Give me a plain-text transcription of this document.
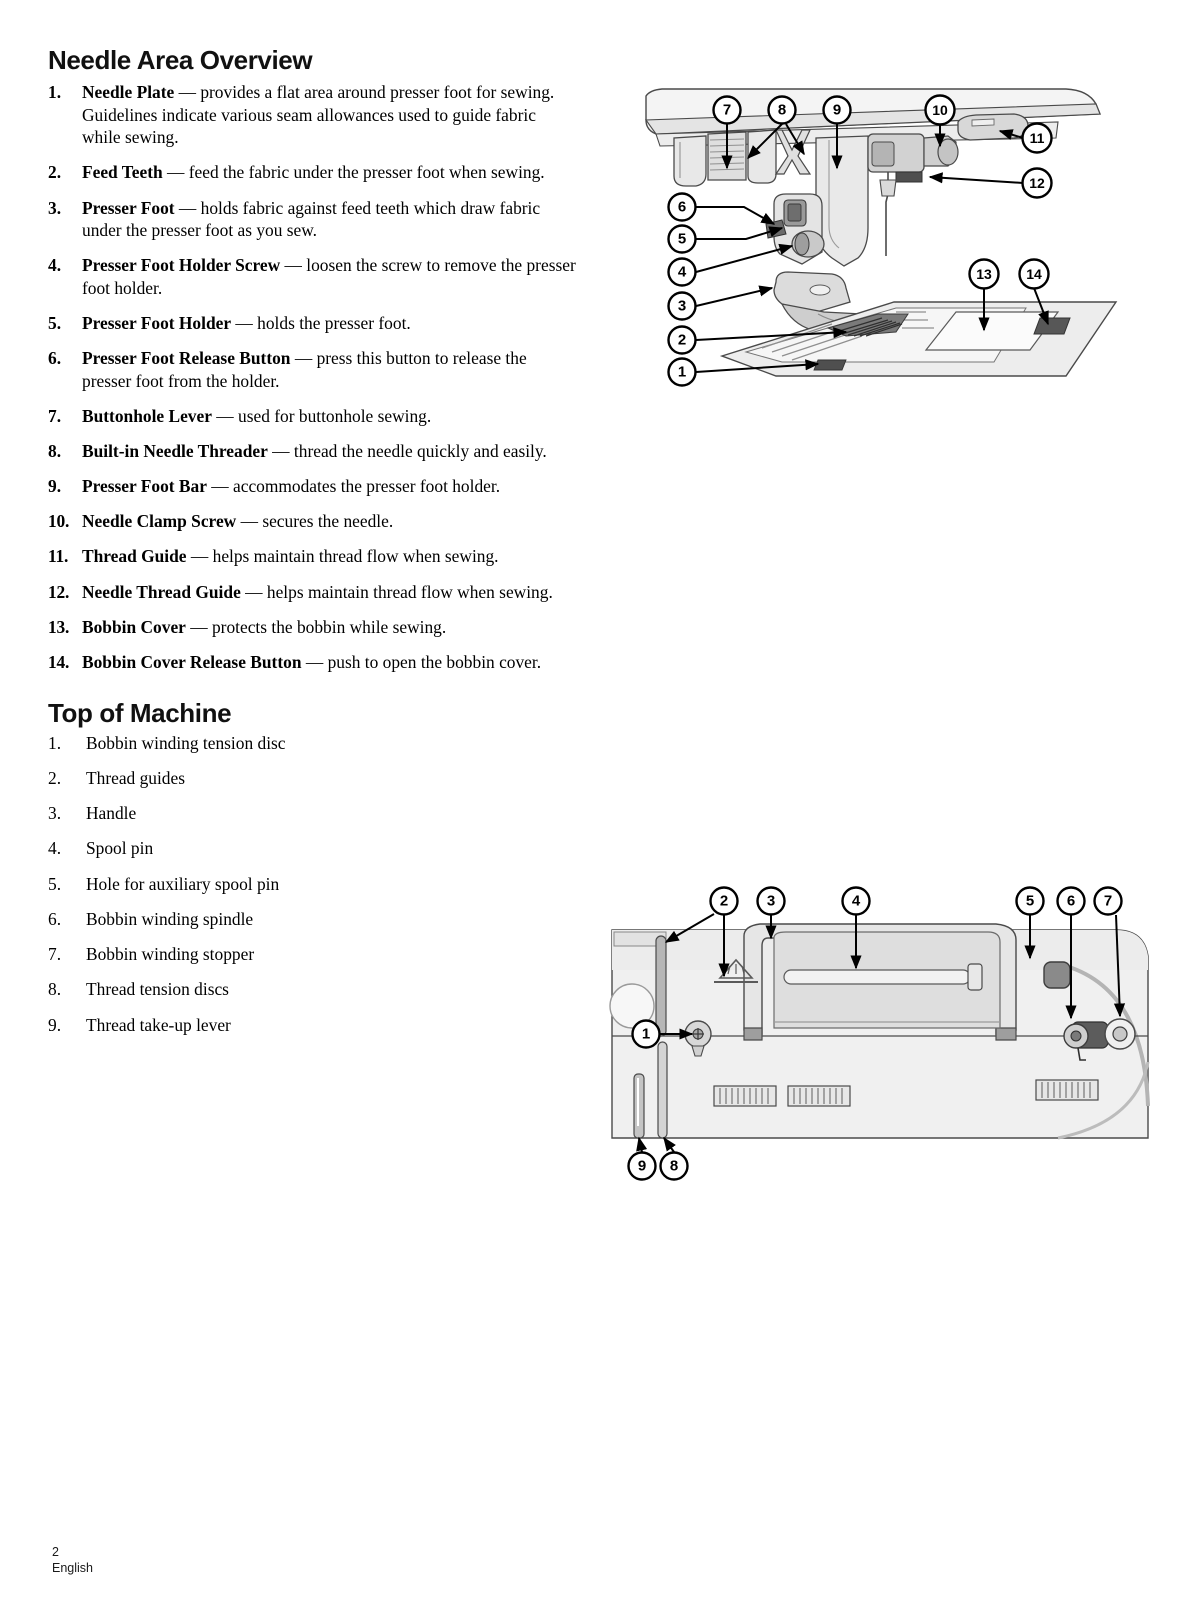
Needle Area Overview
1.	Needle Plate — provides a flat area around presser foot for sewing. Guidelines indicate various seam allowances used to guide fabric while sewing.
2.	Feed Teeth — feed the fabric under the presser foot when sewing.
3.	Presser Foot — holds fabric against feed teeth which draw fabric under the presser foot as you sew.
4.	Presser Foot Holder Screw — loosen the screw to remove the presser foot holder.
5.	Presser Foot Holder — holds the presser foot.
6.	Presser Foot Release Button — press this button to release the presser foot from the holder.
7.	Buttonhole Lever — used for buttonhole sewing.
8.	Built-in Needle Threader — thread the needle quickly and easily.
9.	Presser Foot Bar — accommodates the presser foot holder.
10. Needle Clamp Screw — secures the needle.
11. Thread Guide — helps maintain thread flow when sewing.
12. Needle Thread Guide — helps maintain thread flow when sewing.
13. Bobbin Cover — protects the bobbin while sewing.
14. Bobbin Cover Release Button — push to open the bobbin cover.
Top of Machine
1.	Bobbin winding tension disc
2.	Thread guides
3.	Handle
4.	Spool pin
5.	Hole for auxiliary spool pin
6.	Bobbin winding spindle
7.	Bobbin winding stopper
8.	Thread tension discs
9.	Thread take-up lever
1
2
3
4
5
6
7	8	9	10
11
12
13 14
1
2	3	4	5 6 7
8
9
2
English
